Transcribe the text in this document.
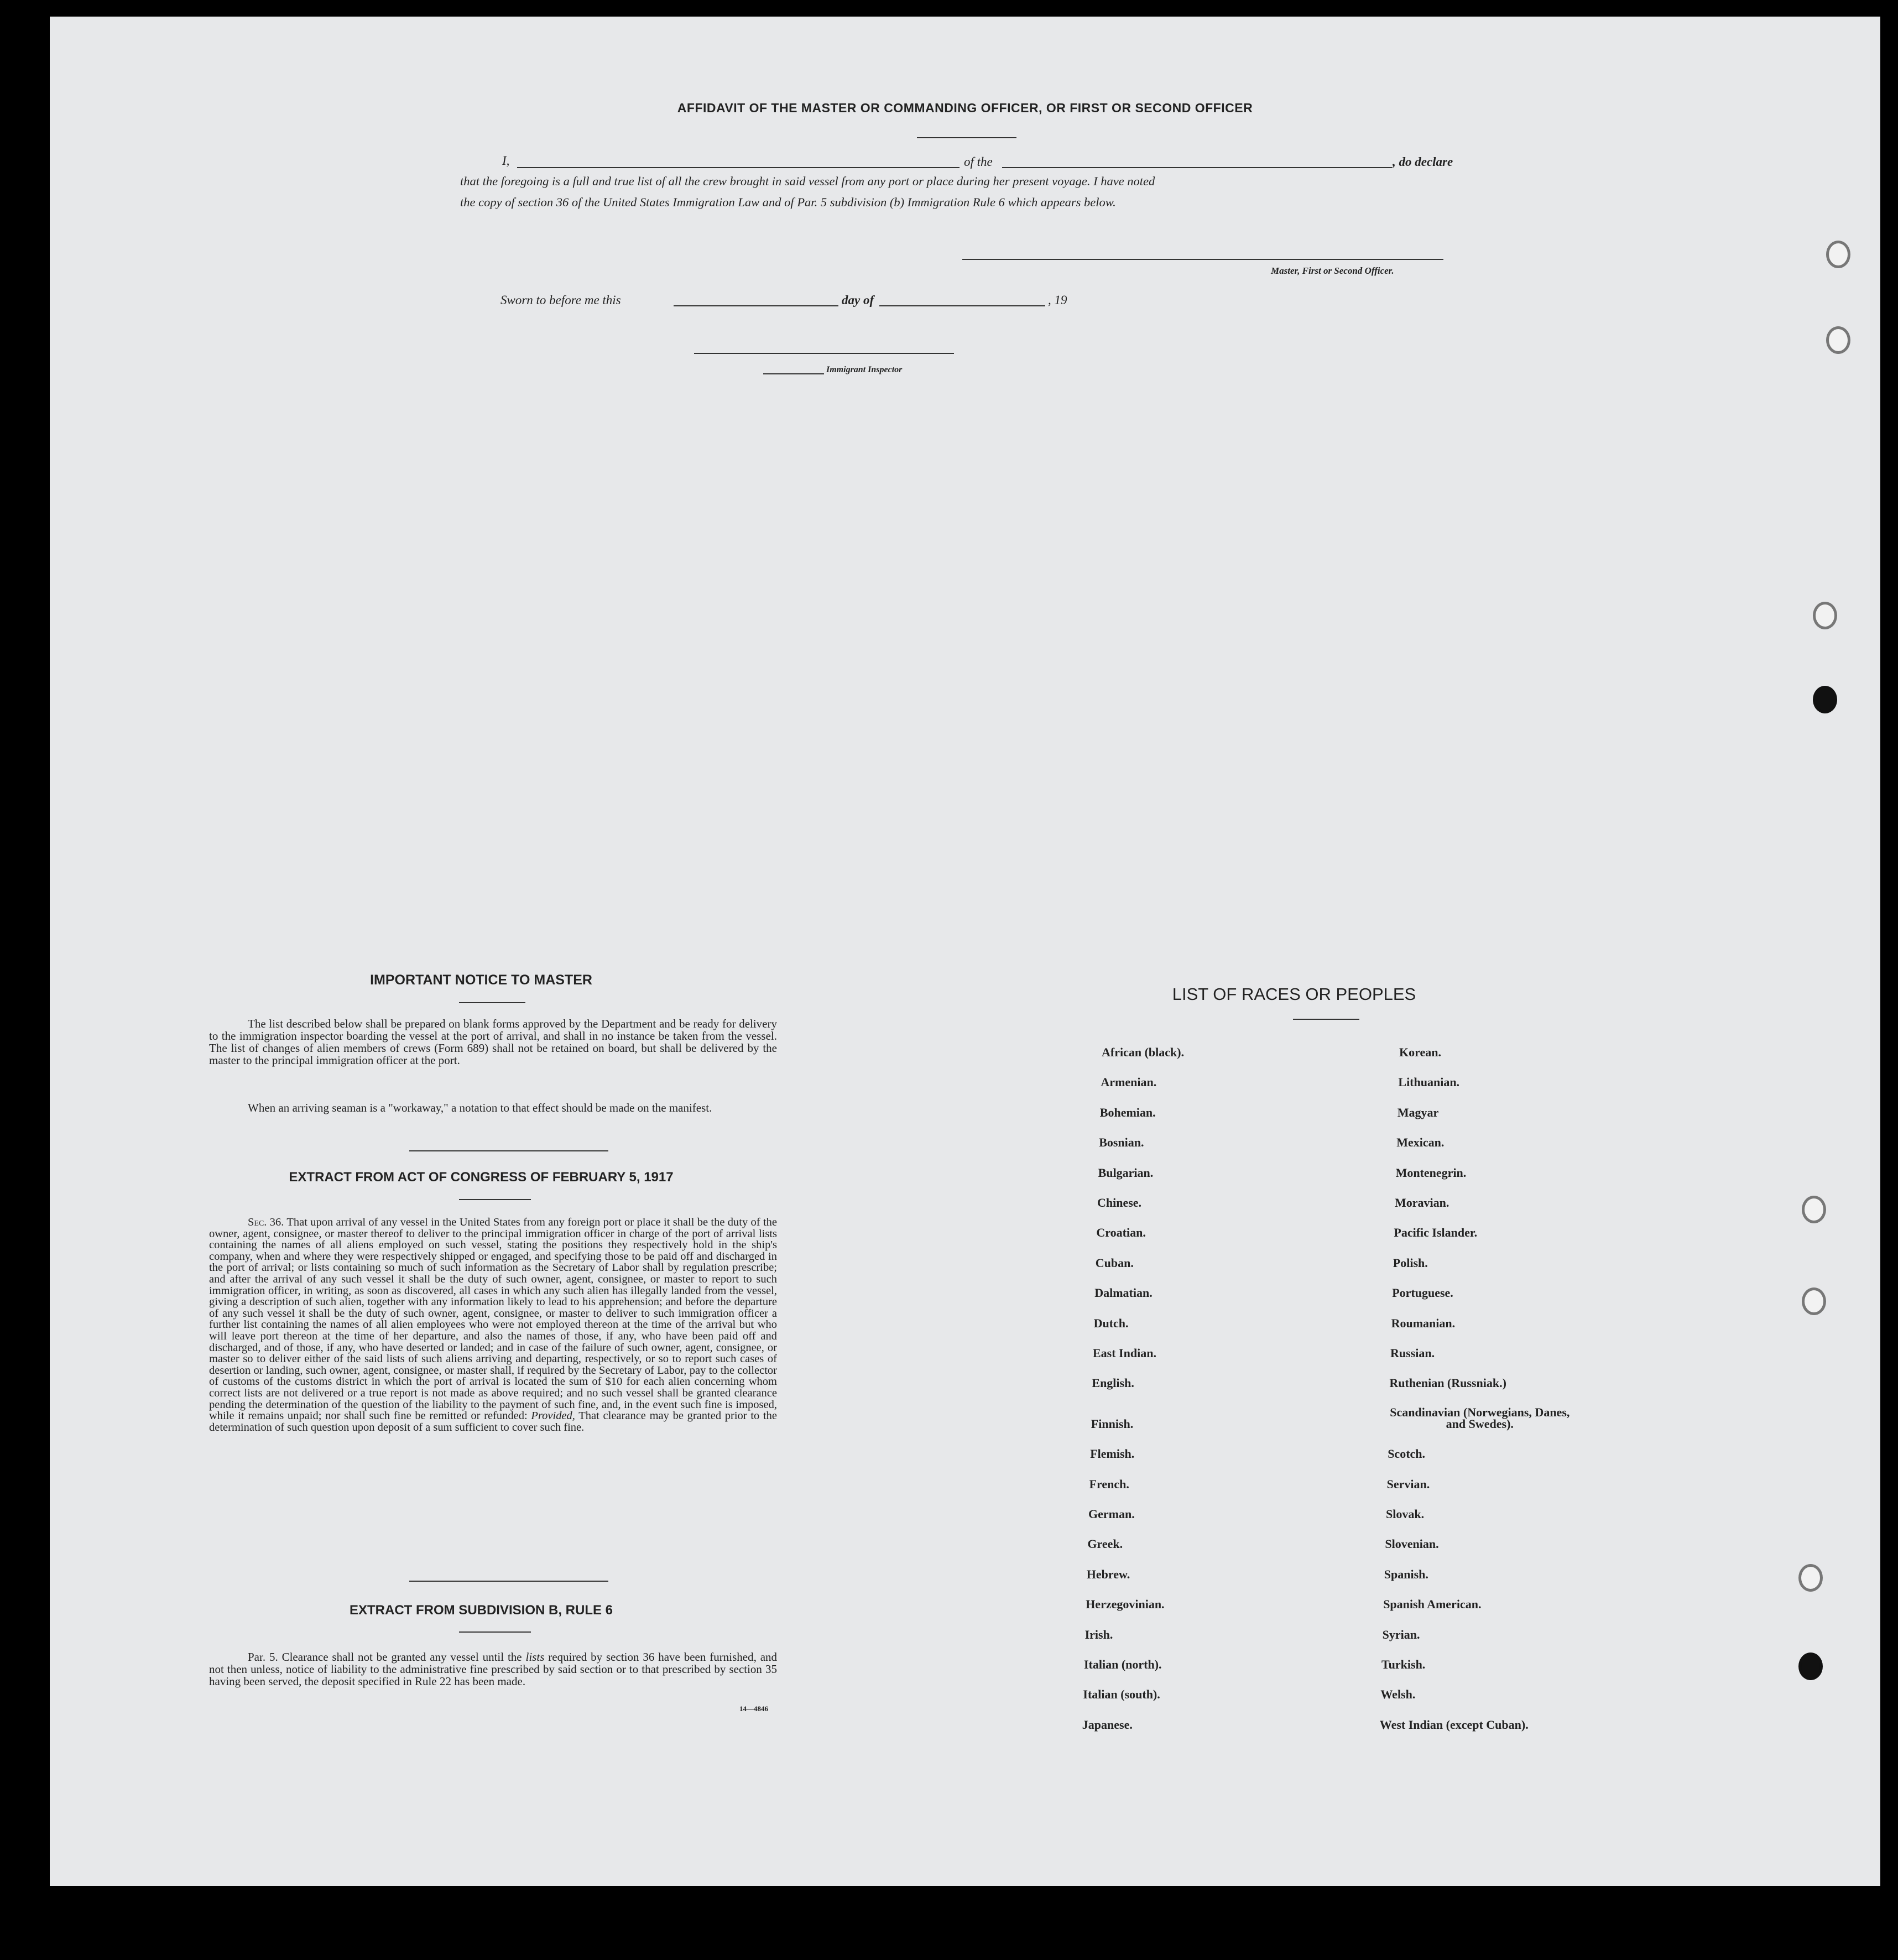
AFFIDAVIT OF THE MASTER OR COMMANDING OFFICER, OR FIRST OR SECOND OFFICER
I,	of the	, do declare
that the foregoing is a full and true list of all the crew brought in said vessel from any port or place during her present voyage. I have noted
the copy of section 36 of the United States Immigration Law and of Par. 5 subdivision (b) Immigration Rule 6 which appears below.
Master, First or Second Officer.
Sworn to before me this	day of	, 19
Immigrant Inspector
IMPORTANT NOTICE TO MASTER
The list described below shall be prepared on blank forms approved by the Department and be ready for delivery to the immigration inspector boarding the vessel at the port of arrival, and shall in no instance be taken from the vessel. The list of changes of alien members of crews (Form 689) shall not be retained on board, but shall be delivered by the master to the principal immigration officer at the port.
When an arriving seaman is a "workaway," a notation to that effect should be made on the manifest.
EXTRACT FROM ACT OF CONGRESS OF FEBRUARY 5, 1917
Sec. 36. That upon arrival of any vessel in the United States from any foreign port or place it shall be the duty of the owner, agent, consignee, or master thereof to deliver to the principal immigration officer in charge of the port of arrival lists containing the names of all aliens employed on such vessel, stating the positions they respectively hold in the ship's company, when and where they were respectively shipped or engaged, and specifying those to be paid off and discharged in the port of arrival; or lists containing so much of such information as the Secretary of Labor shall by regulation prescribe; and after the arrival of any such vessel it shall be the duty of such owner, agent, consignee, or master to report to such immigration officer, in writing, as soon as discovered, all cases in which any such alien has illegally landed from the vessel, giving a description of such alien, together with any information likely to lead to his apprehension; and before the departure of any such vessel it shall be the duty of such owner, agent, consignee, or master to deliver to such immigration officer a further list containing the names of all alien employees who were not employed thereon at the time of the arrival but who will leave port thereon at the time of her departure, and also the names of those, if any, who have been paid off and discharged, and of those, if any, who have deserted or landed; and in case of the failure of such owner, agent, consignee, or master so to deliver either of the said lists of such aliens arriving and departing, respectively, or so to report such cases of desertion or landing, such owner, agent, consignee, or master shall, if required by the Secretary of Labor, pay to the collector of customs of the customs district in which the port of arrival is located the sum of $10 for each alien concerning whom correct lists are not delivered or a true report is not made as above required; and no such vessel shall be granted clearance pending the determination of the question of the liability to the payment of such fine, and, in the event such fine is imposed, while it remains unpaid; nor shall such fine be remitted or refunded: Provided, That clearance may be granted prior to the determination of such question upon deposit of a sum sufficient to cover such fine.
EXTRACT FROM SUBDIVISION B, RULE 6
Par. 5. Clearance shall not be granted any vessel until the lists required by section 36 have been furnished, and not then unless, notice of liability to the administrative fine prescribed by said section or to that prescribed by section 35 having been served, the deposit specified in Rule 22 has been made.
14—4846
LIST OF RACES OR PEOPLES
African (black).
Armenian.
Bohemian.
Bosnian.
Bulgarian.
Chinese.
Croatian.
Cuban.
Dalmatian.
Dutch.
East Indian.
English.
Finnish.
Flemish.
French.
German.
Greek.
Hebrew.
Herzegovinian.
Irish.
Italian (north).
Italian (south).
Japanese.
Korean.
Lithuanian.
Magyar
Mexican.
Montenegrin.
Moravian.
Pacific Islander.
Polish.
Portuguese.
Roumanian.
Russian.
Ruthenian (Russniak.)
Scandinavian (Norwegians, Danes, and Swedes).
Scotch.
Servian.
Slovak.
Slovenian.
Spanish.
Spanish American.
Syrian.
Turkish.
Welsh.
West Indian (except Cuban).
